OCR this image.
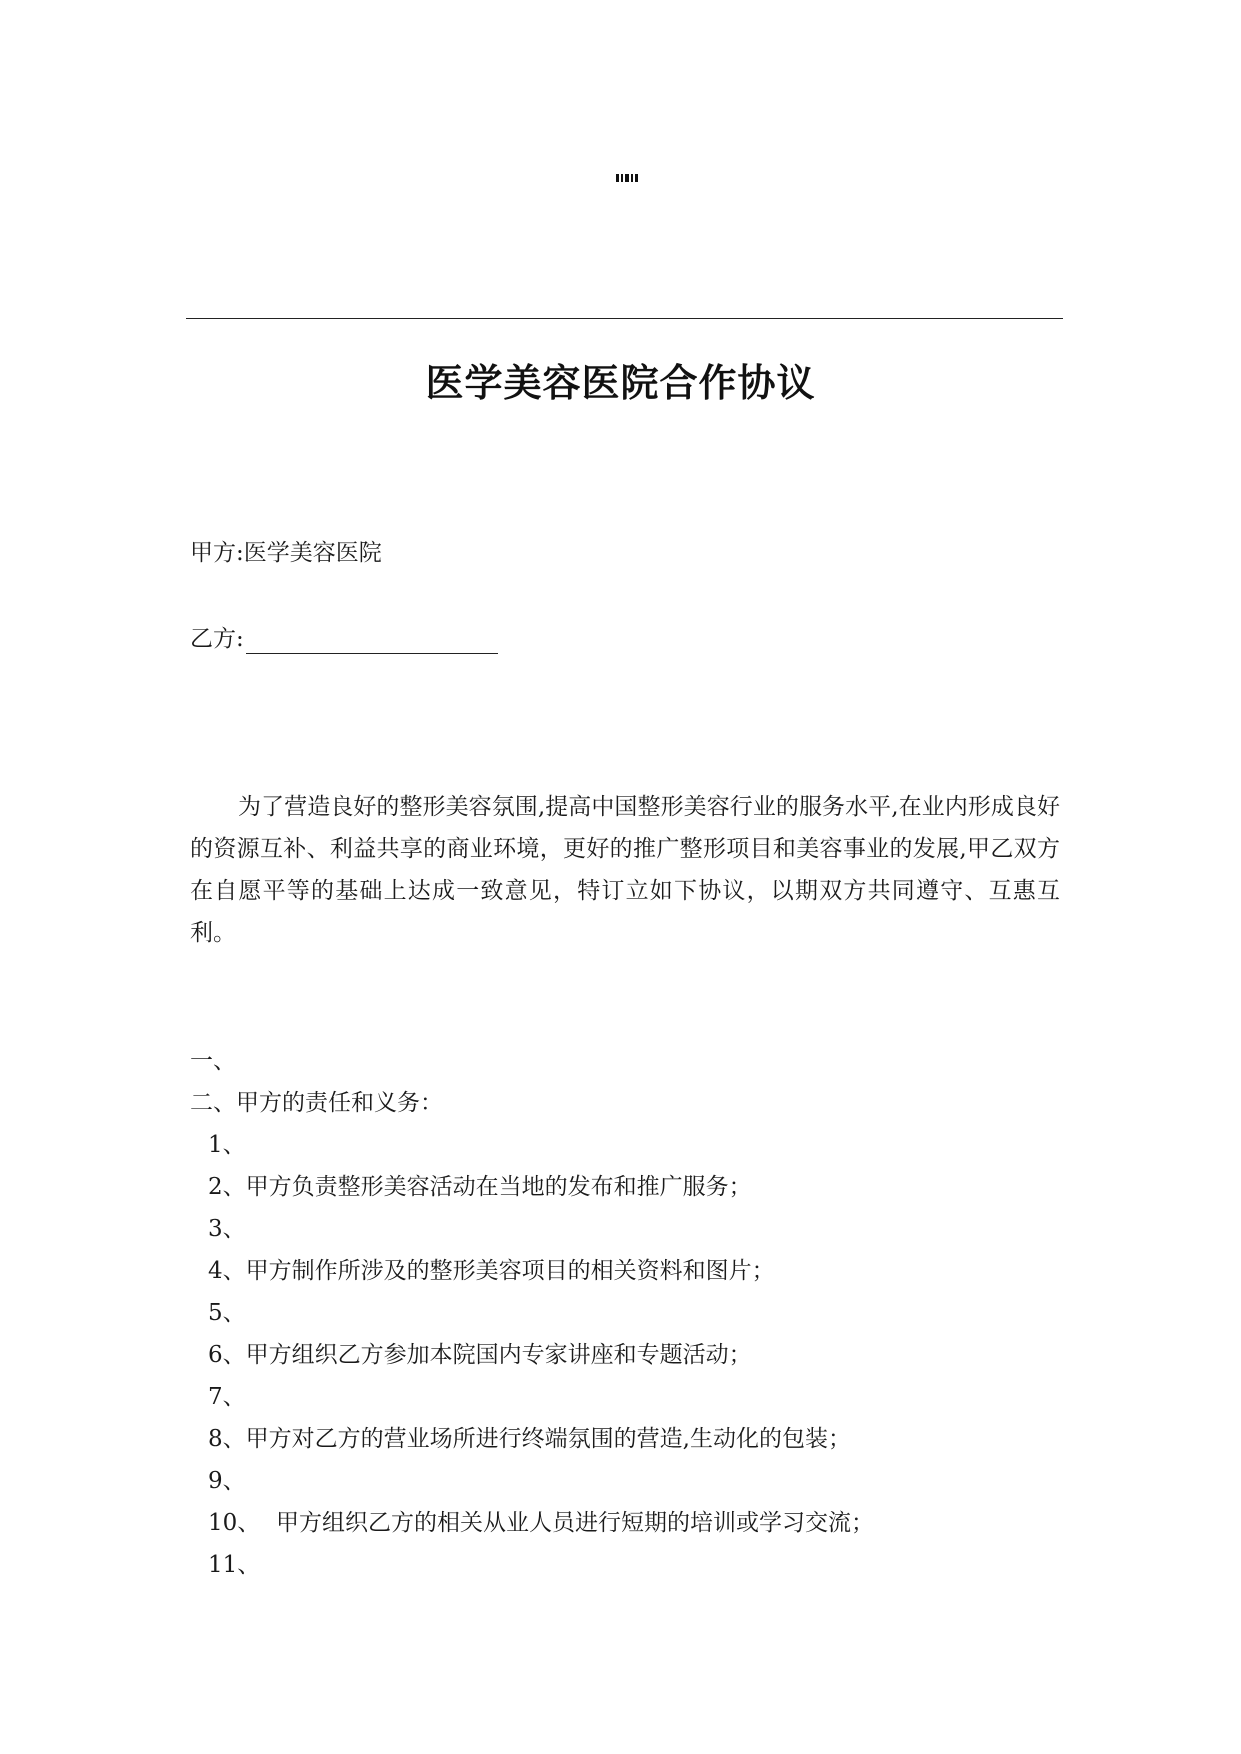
医学美容医院合作协议
甲方:医学美容医院
乙方:
为了营造良好的整形美容氛围,提高中国整形美容行业的服务水平,在业内形成良好的资源互补、利益共享的商业环境，更好的推广整形项目和美容事业的发展,甲乙双方在自愿平等的基础上达成一致意见，特订立如下协议，以期双方共同遵守、互惠互利。
一、
二、甲方的责任和义务：
1、
2、甲方负责整形美容活动在当地的发布和推广服务；
3、
4、甲方制作所涉及的整形美容项目的相关资料和图片；
5、
6、甲方组织乙方参加本院国内专家讲座和专题活动；
7、
8、甲方对乙方的营业场所进行终端氛围的营造,生动化的包装；
9、
10、 甲方组织乙方的相关从业人员进行短期的培训或学习交流；
11、
